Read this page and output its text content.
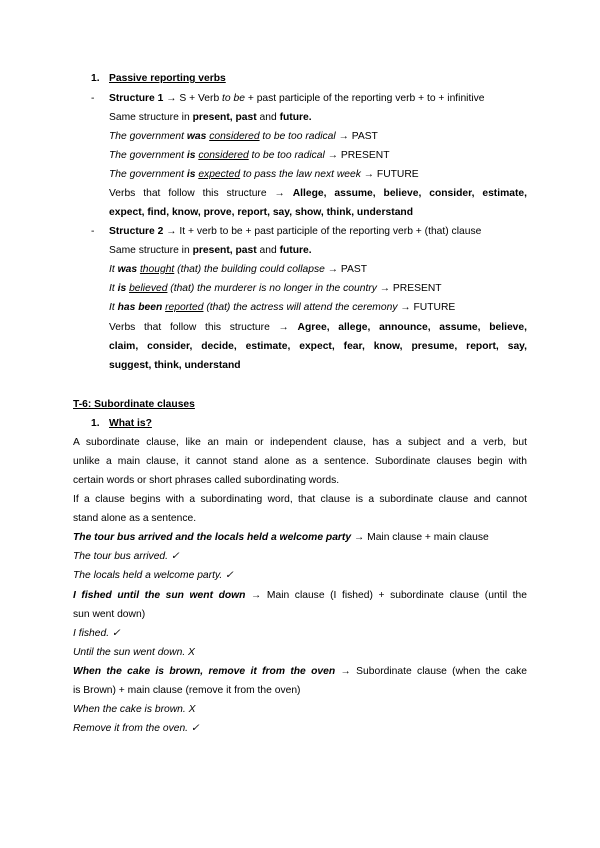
1. Passive reporting verbs
- Structure 1 → S + Verb to be + past participle of the reporting verb + to + infinitive
Same structure in present, past and future.
The government was considered to be too radical → PAST
The government is considered to be too radical → PRESENT
The government is expected to pass the law next week → FUTURE
Verbs that follow this structure → Allege, assume, believe, consider, estimate,
expect, find, know, prove, report, say, show, think, understand
- Structure 2 → It + verb to be + past participle of the reporting verb + (that) clause
Same structure in present, past and future.
It was thought (that) the building could collapse → PAST
It is believed (that) the murderer is no longer in the country → PRESENT
It has been reported (that) the actress will attend the ceremony → FUTURE
Verbs that follow this structure → Agree, allege, announce, assume, believe,
claim, consider, decide, estimate, expect, fear, know, presume, report, say,
suggest, think, understand
T-6: Subordinate clauses
1. What is?
A subordinate clause, like an main or independent clause, has a subject and a verb, but
unlike a main clause, it cannot stand alone as a sentence. Subordinate clauses begin with
certain words or short phrases called subordinating words.
If a clause begins with a subordinating word, that clause is a subordinate clause and cannot
stand alone as a sentence.
The tour bus arrived and the locals held a welcome party → Main clause + main clause
The tour bus arrived. ✓
The locals held a welcome party. ✓
I fished until the sun went down → Main clause (I fished) + subordinate clause (until the
sun went down)
I fished. ✓
Until the sun went down. X
When the cake is brown, remove it from the oven → Subordinate clause (when the cake
is Brown) + main clause (remove it from the oven)
When the cake is brown. X
Remove it from the oven. ✓
